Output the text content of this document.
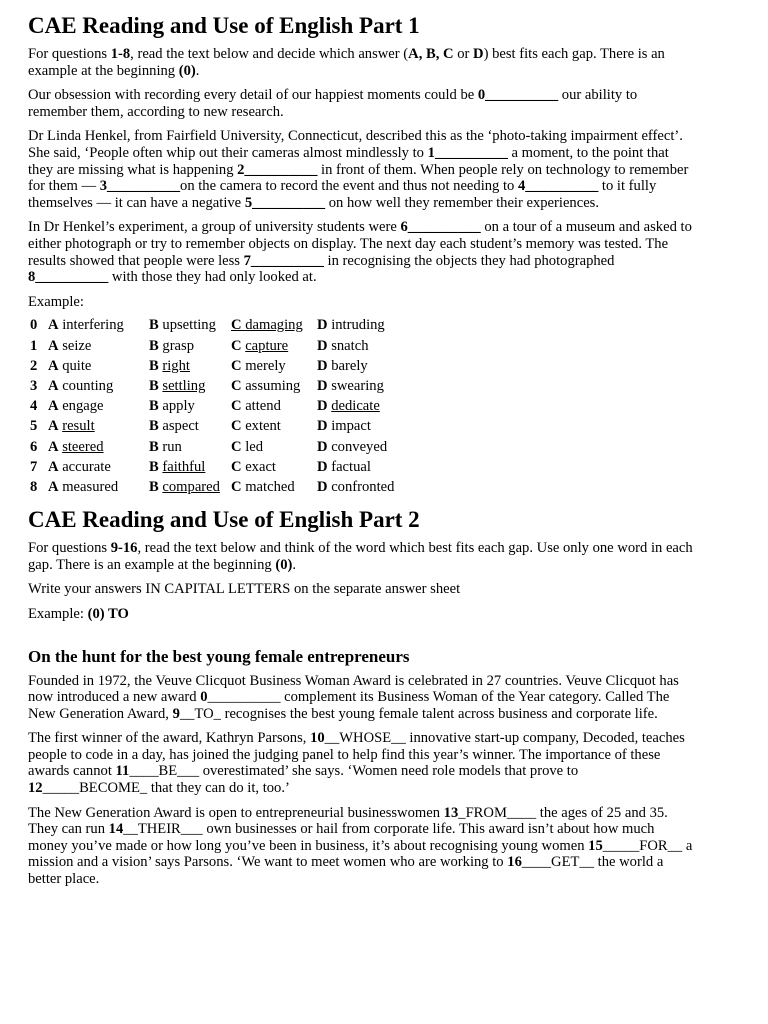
CAE Reading and Use of English Part 1

For questions 1-8, read the text below and decide which answer (A, B, C or D) best fits each gap. There is an example at the beginning (0).

Our obsession with recording every detail of our happiest moments could be 0__________ our ability to remember them, according to new research.

Dr Linda Henkel, from Fairfield University, Connecticut, described this as the ‘photo-taking impairment effect’. She said, ‘People often whip out their cameras almost mindlessly to 1__________ a moment, to the point that they are missing what is happening 2__________ in front of them. When people rely on technology to remember for them — 3__________on the camera to record the event and thus not needing to 4__________ to it fully themselves — it can have a negative 5__________ on how well they remember their experiences.

In Dr Henkel’s experiment, a group of university students were 6__________ on a tour of a museum and asked to either photograph or try to remember objects on display. The next day each student’s memory was tested. The results showed that people were less 7__________ in recognising the objects they had photographed 8__________ with those they had only looked at.

Example:

0	A interfering	B upsetting	C damaging	D intruding
1	A seize	B grasp	C capture	D snatch
2	A quite	B right	C merely	D barely
3	A counting	B settling	C assuming	D swearing
4	A engage	B apply	C attend	D dedicate
5	A result	B aspect	C extent	D impact
6	A steered	B run	C led	D conveyed
7	A accurate	B faithful	C exact	D factual
8	A measured	B compared	C matched	D confronted
CAE Reading and Use of English Part 2

For questions 9-16, read the text below and think of the word which best fits each gap. Use only one word in each gap. There is an example at the beginning (0).

Write your answers IN CAPITAL LETTERS on the separate answer sheet

Example: (0) TO

On the hunt for the best young female entrepreneurs

Founded in 1972, the Veuve Clicquot Business Woman Award is celebrated in 27 countries. Veuve Clicquot has now introduced a new award 0__________ complement its Business Woman of the Year category. Called The New Generation Award, 9__TO_ recognises the best young female talent across business and corporate life.

The first winner of the award, Kathryn Parsons, 10__WHOSE__ innovative start-up company, Decoded, teaches people to code in a day, has joined the judging panel to help find this year’s winner. The importance of these awards cannot 11____BE___ overestimated’ she says. ‘Women need role models that prove to 12_____BECOME_ that they can do it, too.’

The New Generation Award is open to entrepreneurial businesswomen 13_FROM____ the ages of 25 and 35. They can run 14__THEIR___ own businesses or hail from corporate life. This award isn’t about how much money you’ve made or how long you’ve been in business, it’s about recognising young women 15_____FOR__ a mission and a vision’ says Parsons. ‘We want to meet women who are working to 16____GET__ the world a better place.
